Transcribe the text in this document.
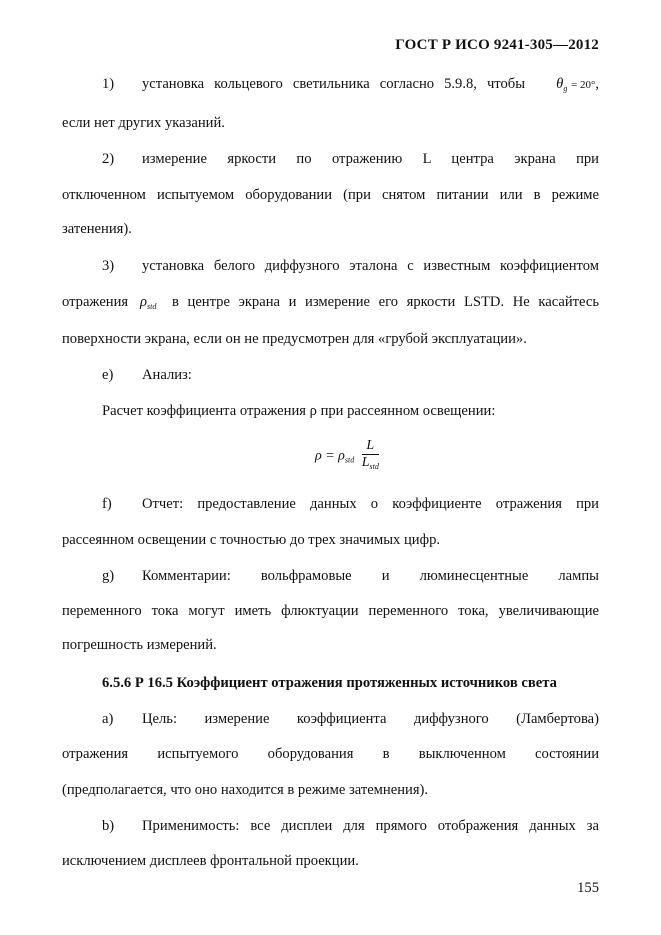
ГОСТ Р ИСО 9241-305—2012
1) установка кольцевого светильника согласно 5.9.8, чтобы $\theta_g = 20^\circ$,
если нет других указаний.
2) измерение яркости по отражению L центра экрана при
отключенном испытуемом оборудовании (при снятом питании или в режиме
затенения).
3) установка белого диффузного эталона с известным коэффициентом
отражения $\rho_{std}$ в центре экрана и измерение его яркости LSTD. Не касайтесь
поверхности экрана, если он не предусмотрен для «грубой эксплуатации».
e) Анализ:
Расчет коэффициента отражения ρ при рассеянном освещении:
$\rho = \rho_{std} \frac{L}{L_{std}}$
f) Отчет: предоставление данных о коэффициенте отражения при
рассеянном освещении с точностью до трех значимых цифр.
g) Комментарии: вольфрамовые и люминесцентные лампы
переменного тока могут иметь флюктуации переменного тока, увеличивающие
погрешность измерений.
6.5.6 Р 16.5 Коэффициент отражения протяженных источников света
a) Цель: измерение коэффициента диффузного (Ламбертова)
отражения испытуемого оборудования в выключенном состоянии
(предполагается, что оно находится в режиме затемнения).
b) Применимость: все дисплеи для прямого отображения данных за
исключением дисплеев фронтальной проекции.
155
